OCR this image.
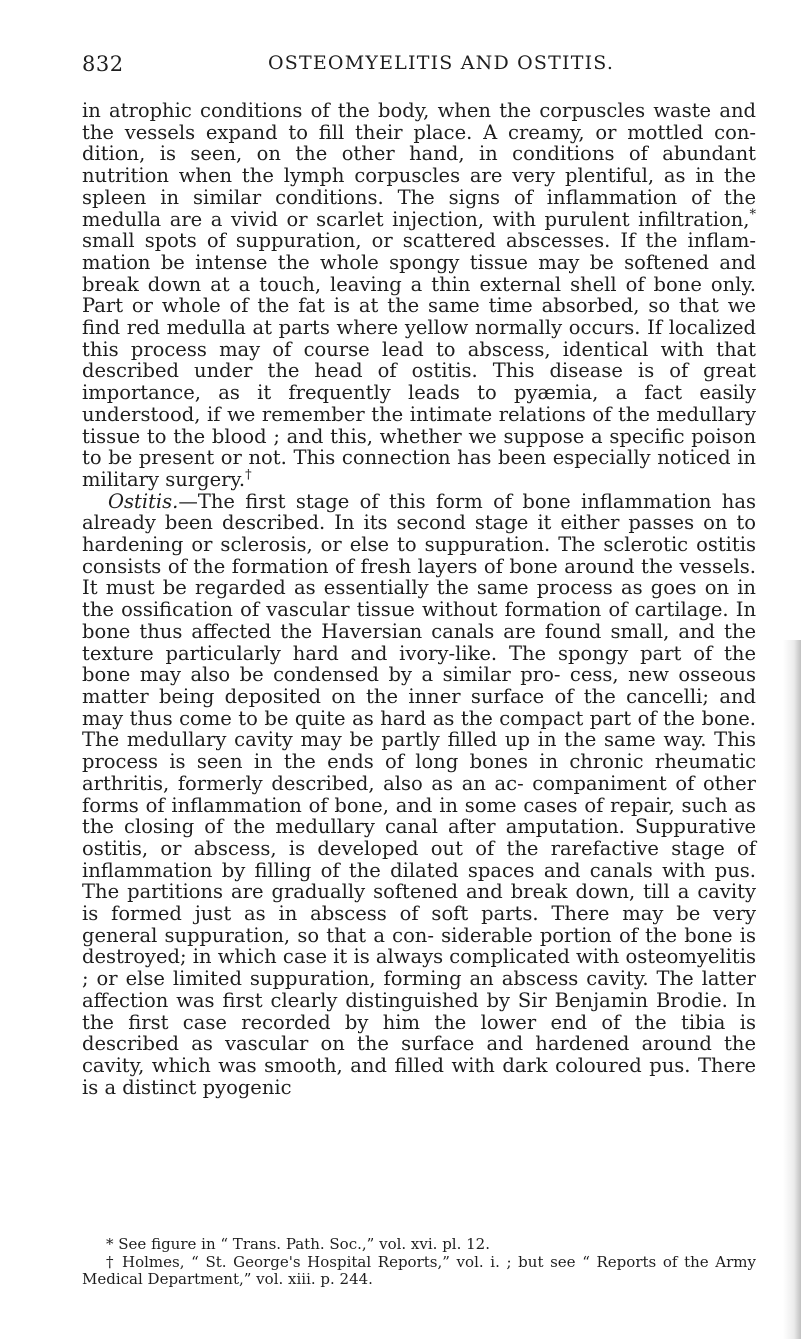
832	OSTEOMYELITIS AND OSTITIS.

in atrophic conditions of the body, when the corpuscles waste and the vessels expand to fill their place. A creamy, or mottled con- dition, is seen, on the other hand, in conditions of abundant nutrition when the lymph corpuscles are very plentiful, as in the spleen in similar conditions. The signs of inflammation of the medulla are a vivid or scarlet injection, with purulent infiltration,* small spots of suppuration, or scattered abscesses. If the inflam- mation be intense the whole spongy tissue may be softened and break down at a touch, leaving a thin external shell of bone only. Part or whole of the fat is at the same time absorbed, so that we find red medulla at parts where yellow normally occurs. If localized this process may of course lead to abscess, identical with that described under the head of ostitis. This disease is of great importance, as it frequently leads to pyæmia, a fact easily understood, if we remember the intimate relations of the medullary tissue to the blood ; and this, whether we suppose a specific poison to be present or not. This connection has been especially noticed in military surgery.†

Ostitis.—The first stage of this form of bone inflammation has already been described. In its second stage it either passes on to hardening or sclerosis, or else to suppuration. The sclerotic ostitis consists of the formation of fresh layers of bone around the vessels. It must be regarded as essentially the same process as goes on in the ossification of vascular tissue without formation of cartilage. In bone thus affected the Haversian canals are found small, and the texture particularly hard and ivory-like. The spongy part of the bone may also be condensed by a similar pro- cess, new osseous matter being deposited on the inner surface of the cancelli; and may thus come to be quite as hard as the compact part of the bone. The medullary cavity may be partly filled up in the same way. This process is seen in the ends of long bones in chronic rheumatic arthritis, formerly described, also as an ac- companiment of other forms of inflammation of bone, and in some cases of repair, such as the closing of the medullary canal after amputation. Suppurative ostitis, or abscess, is developed out of the rarefactive stage of inflammation by filling of the dilated spaces and canals with pus. The partitions are gradually softened and break down, till a cavity is formed just as in abscess of soft parts. There may be very general suppuration, so that a con- siderable portion of the bone is destroyed; in which case it is always complicated with osteomyelitis ; or else limited suppuration, forming an abscess cavity. The latter affection was first clearly distinguished by Sir Benjamin Brodie. In the first case recorded by him the lower end of the tibia is described as vascular on the surface and hardened around the cavity, which was smooth, and filled with dark coloured pus. There is a distinct pyogenic

* See figure in “ Trans. Path. Soc.,” vol. xvi. pl. 12.

† Holmes, “ St. George's Hospital Reports,” vol. i. ; but see “ Reports of the Army Medical Department,” vol. xiii. p. 244.
